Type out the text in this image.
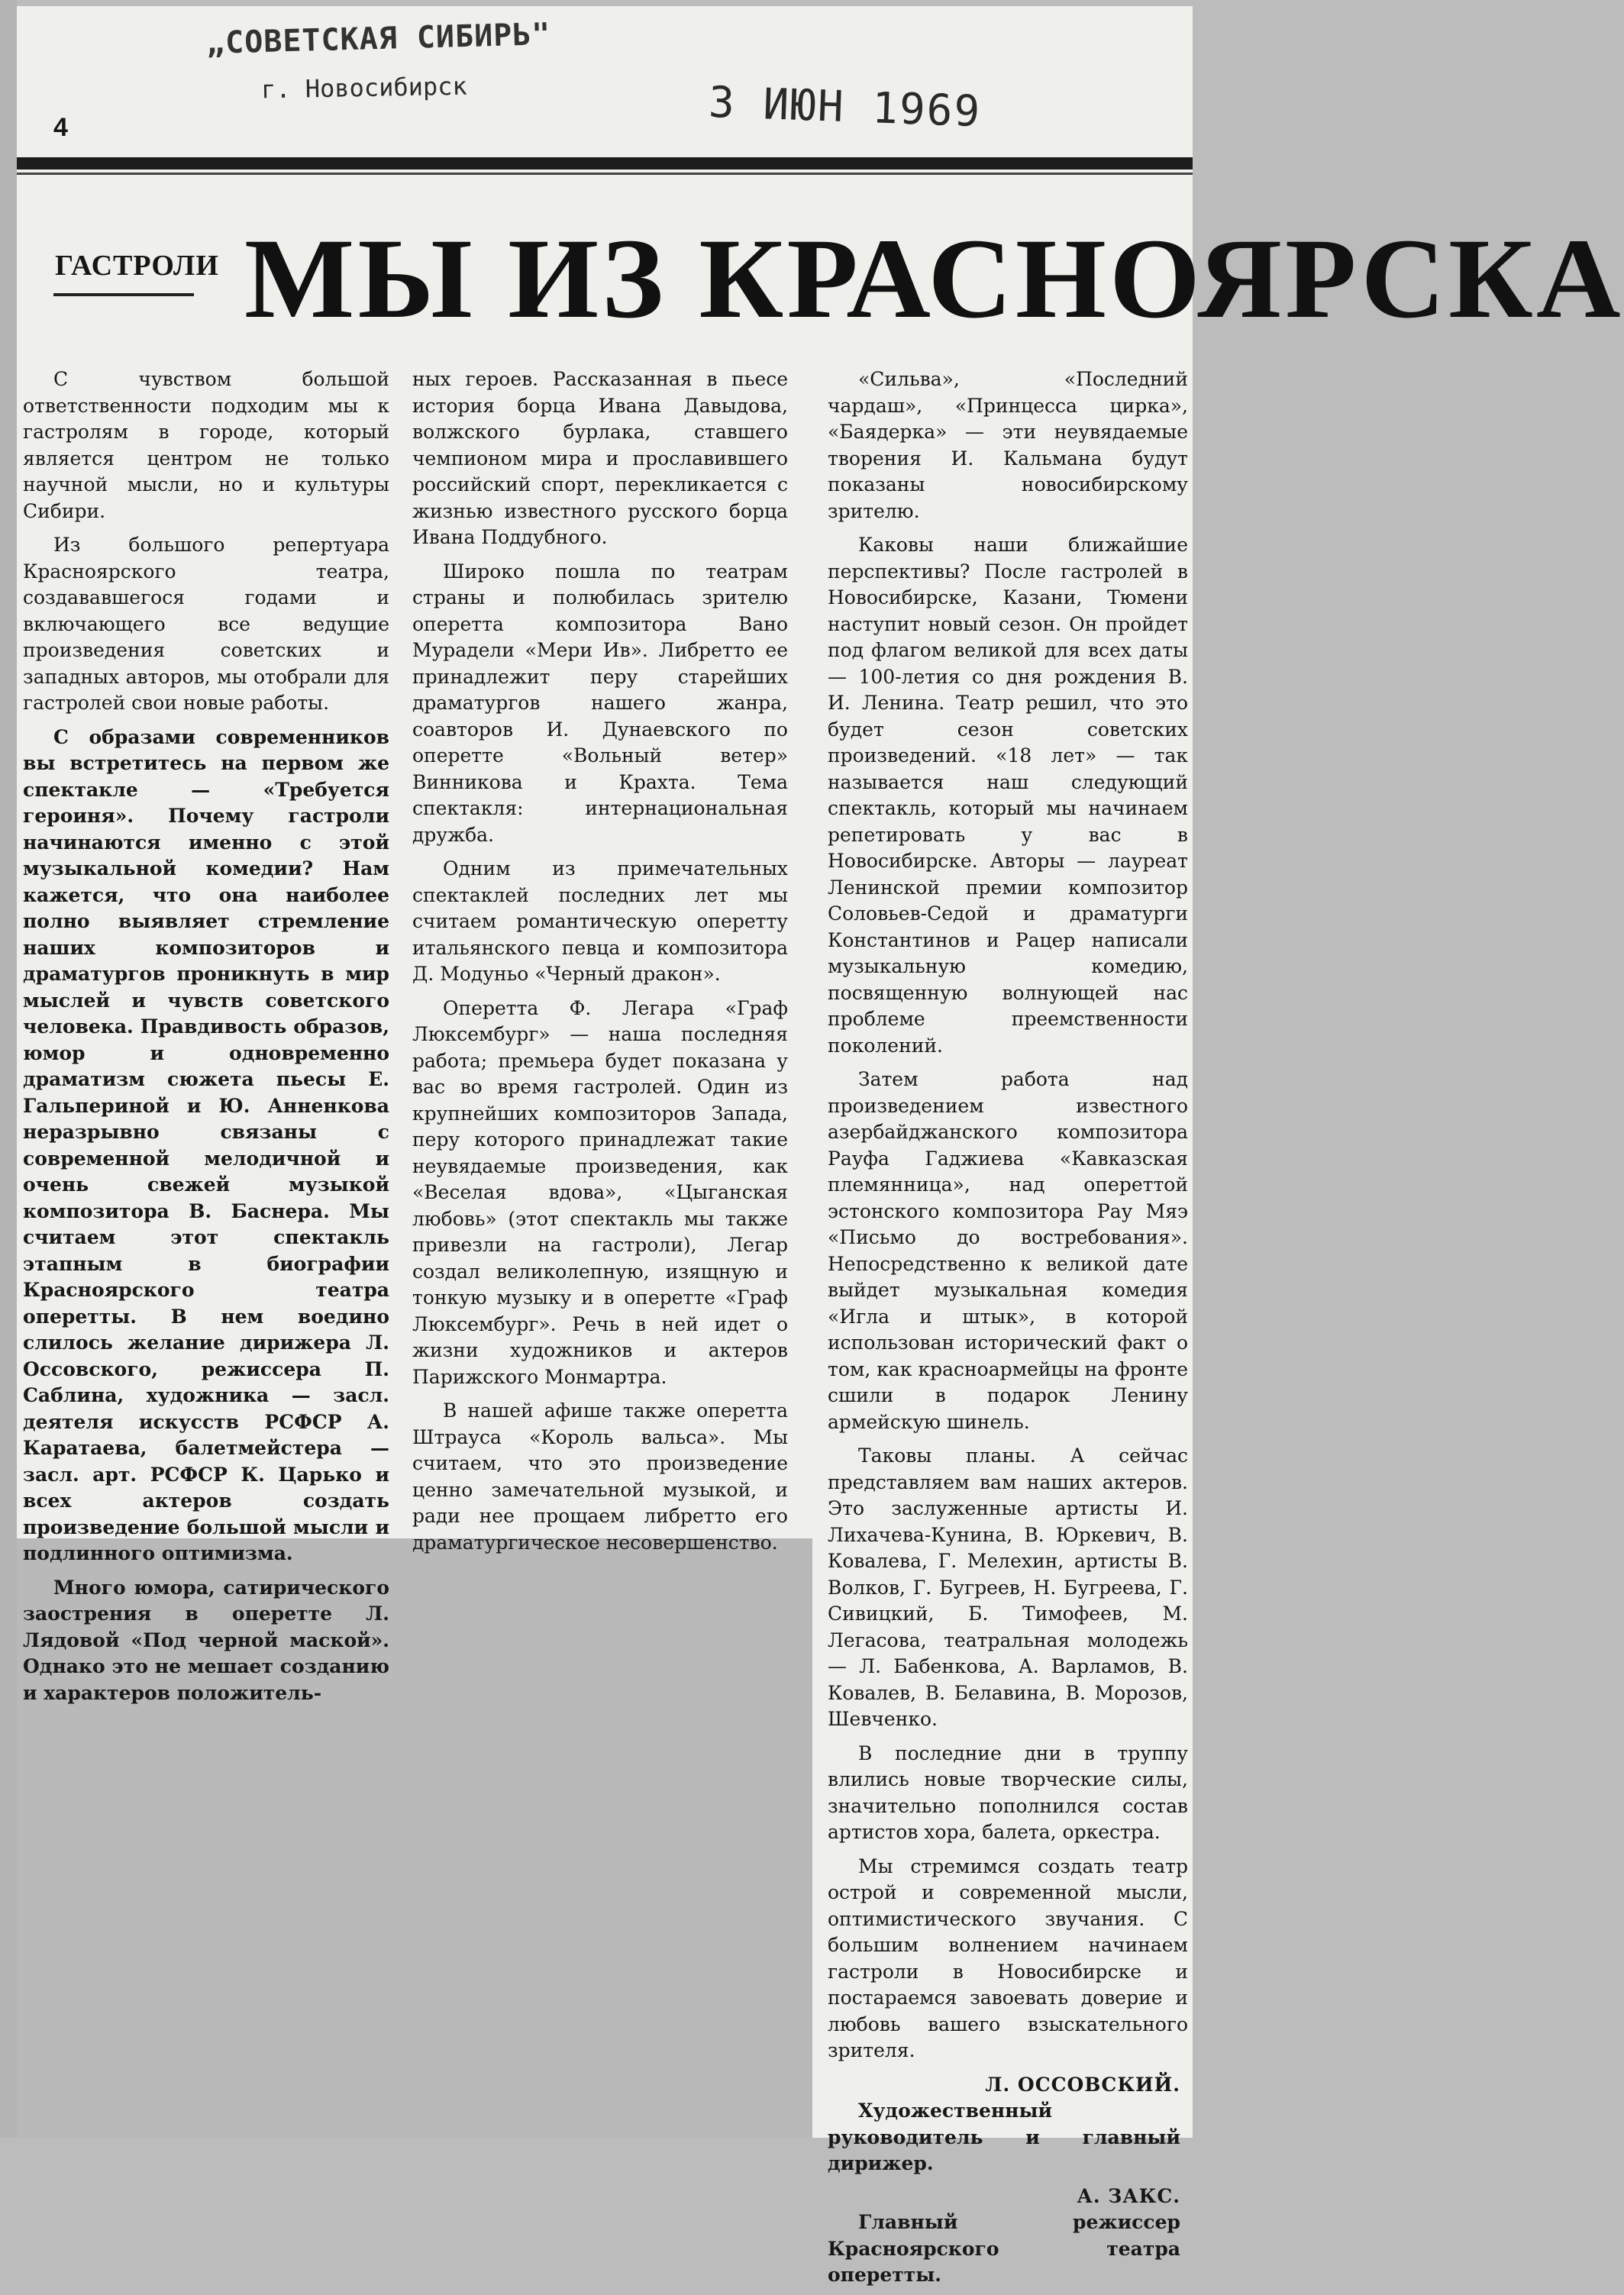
„СОВЕТСКАЯ СИБИРЬ"
г. Новосибирск	3 ИЮН 1969
4
ГАСТРОЛИ МЫ ИЗ КРАСНОЯРСКА

С чувством большой ответственности подходим мы к гастролям в городе, который является центром не только научной мысли, но и культуры Сибири.

Из большого репертуара Красноярского театра, создававшегося годами и включающего все ведущие произведения советских и западных авторов, мы отобрали для гастролей свои новые работы.

С образами современников вы встретитесь на первом же спектакле — «Требуется героиня». Почему гастроли начинаются именно с этой музыкальной комедии? Нам кажется, что она наиболее полно выявляет стремление наших композиторов и драматургов проникнуть в мир мыслей и чувств советского человека. Правдивость образов, юмор и одновременно драматизм сюжета пьесы Е. Гальпериной и Ю. Анненкова неразрывно связаны с современной мелодичной и очень свежей музыкой композитора В. Баснера. Мы считаем этот спектакль этапным в биографии Красноярского театра оперетты. В нем воедино слилось желание дирижера Л. Оссовского, режиссера П. Саблина, художника — засл. деятеля искусств РСФСР А. Каратаева, балетмейстера — засл. арт. РСФСР К. Царько и всех актеров создать произведение большой мысли и подлинного оптимизма.

Много юмора, сатирического заострения в оперетте Л. Лядовой «Под черной маской». Однако это не мешает созданию и характеров положитель-

ных героев. Рассказанная в пьесе история борца Ивана Давыдова, волжского бурлака, ставшего чемпионом мира и прославившего российский спорт, перекликается с жизнью известного русского борца Ивана Поддубного.

Широко пошла по театрам страны и полюбилась зрителю оперетта композитора Вано Мурадели «Мери Ив». Либретто ее принадлежит перу старейших драматургов нашего жанра, соавторов И. Дунаевского по оперетте «Вольный ветер» Винникова и Крахта. Тема спектакля: интернациональная дружба.

Одним из примечательных спектаклей последних лет мы считаем романтическую оперетту итальянского певца и композитора Д. Модуньо «Черный дракон».

Оперетта Ф. Легара «Граф Люксембург» — наша последняя работа; премьера будет показана у вас во время гастролей. Один из крупнейших композиторов Запада, перу которого принадлежат такие неувядаемые произведения, как «Веселая вдова», «Цыганская любовь» (этот спектакль мы также привезли на гастроли), Легар создал великолепную, изящную и тонкую музыку и в оперетте «Граф Люксембург». Речь в ней идет о жизни художников и актеров Парижского Монмартра.

В нашей афише также оперетта Штрауса «Король вальса». Мы считаем, что это произведение ценно замечательной музыкой, и ради нее прощаем либретто его драматургическое несовершенство.

«Сильва», «Последний чардаш», «Принцесса цирка», «Баядерка» — эти неувядаемые творения И. Кальмана будут показаны новосибирскому зрителю.

Каковы наши ближайшие перспективы? После гастролей в Новосибирске, Казани, Тюмени наступит новый сезон. Он пройдет под флагом великой для всех даты — 100-летия со дня рождения В. И. Ленина. Театр решил, что это будет сезон советских произведений. «18 лет» — так называется наш следующий спектакль, который мы начинаем репетировать у вас в Новосибирске. Авторы — лауреат Ленинской премии композитор Соловьев-Седой и драматурги Константинов и Рацер написали музыкальную комедию, посвященную волнующей нас проблеме преемственности поколений.

Затем работа над произведением известного азербайджанского композитора Рауфа Гаджиева «Кавказская племянница», над опереттой эстонского композитора Рау Мяэ «Письмо до востребования». Непосредственно к великой дате выйдет музыкальная комедия «Игла и штык», в которой использован исторический факт о том, как красноармейцы на фронте сшили в подарок Ленину армейскую шинель.

Таковы планы. А сейчас представляем вам наших актеров. Это заслуженные артисты И. Лихачева-Кунина, В. Юркевич, В. Ковалева, Г. Мелехин, артисты В. Волков, Г. Бугреев, Н. Бугреева, Г. Сивицкий, Б. Тимофеев, М. Легасова, театральная молодежь — Л. Бабенкова, А. Варламов, В. Ковалев, В. Белавина, В. Морозов, Шевченко.

В последние дни в труппу влились новые творческие силы, значительно пополнился состав артистов хора, балета, оркестра.

Мы стремимся создать театр острой и современной мысли, оптимистического звучания. С большим волнением начинаем гастроли в Новосибирске и постараемся завоевать доверие и любовь вашего взыскательного зрителя.

Л. ОССОВСКИЙ.
Художественный руководитель и главный дирижер.
А. ЗАКС.
Главный режиссер Красноярского театра оперетты.
